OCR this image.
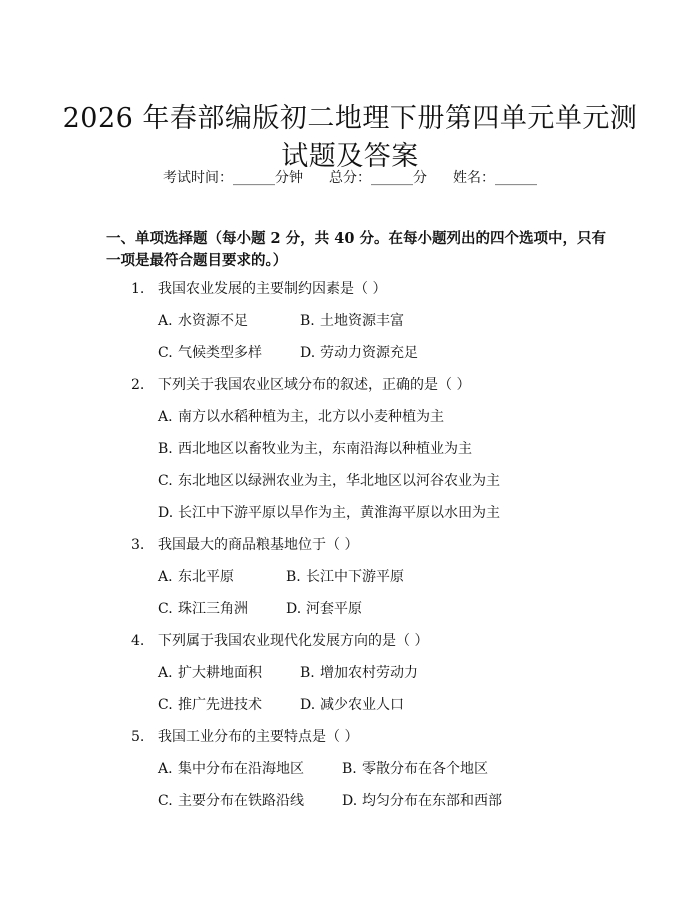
2026 年春部编版初二地理下册第四单元单元测试题及答案
考试时间：______分钟 总分：______分 姓名：______
一、单项选择题（每小题 2 分，共 40 分。在每小题列出的四个选项中，只有一项是最符合题目要求的。）
1. 我国农业发展的主要制约因素是（ ）
A. 水资源不足	B. 土地资源丰富
C. 气候类型多样	D. 劳动力资源充足
2. 下列关于我国农业区域分布的叙述，正确的是（ ）
A. 南方以水稻种植为主，北方以小麦种植为主
B. 西北地区以畜牧业为主，东南沿海以种植业为主
C. 东北地区以绿洲农业为主，华北地区以河谷农业为主
D. 长江中下游平原以旱作为主，黄淮海平原以水田为主
3. 我国最大的商品粮基地位于（ ）
A. 东北平原	B. 长江中下游平原
C. 珠江三角洲	D. 河套平原
4. 下列属于我国农业现代化发展方向的是（ ）
A. 扩大耕地面积	B. 增加农村劳动力
C. 推广先进技术	D. 减少农业人口
5. 我国工业分布的主要特点是（ ）
A. 集中分布在沿海地区	B. 零散分布在各个地区
C. 主要分布在铁路沿线	D. 均匀分布在东部和西部
